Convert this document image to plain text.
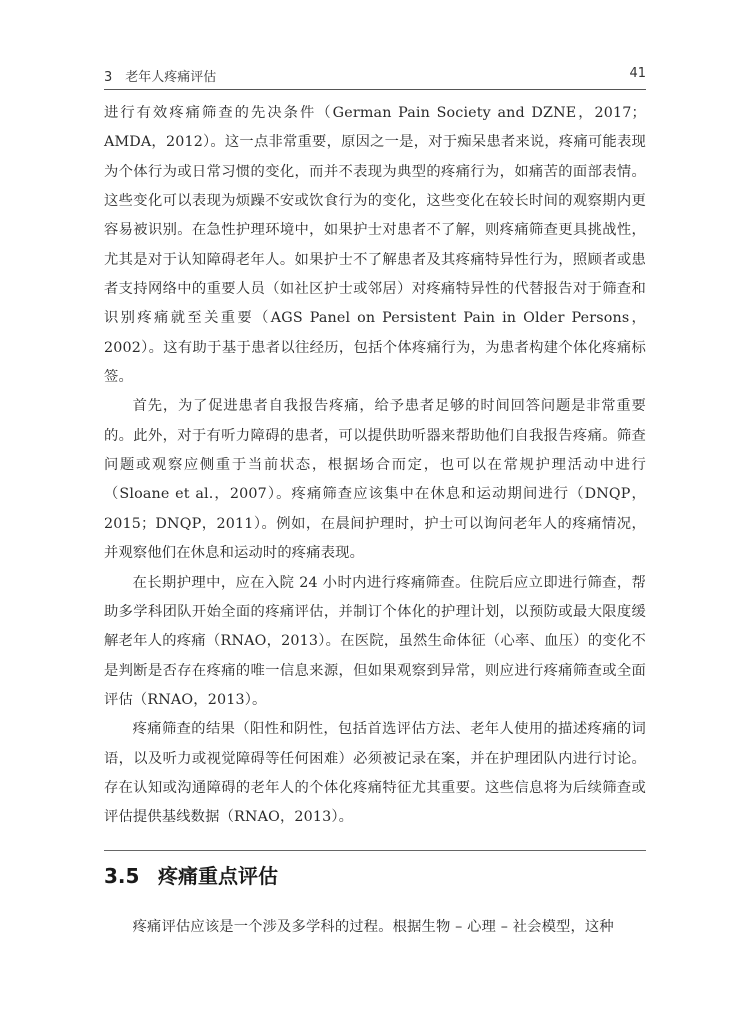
3　老年人疼痛评估	41

进行有效疼痛筛查的先决条件（German Pain Society and DZNE，2017；AMDA，2012）。这一点非常重要，原因之一是，对于痴呆患者来说，疼痛可能表现为个体行为或日常习惯的变化，而并不表现为典型的疼痛行为，如痛苦的面部表情。这些变化可以表现为烦躁不安或饮食行为的变化，这些变化在较长时间的观察期内更容易被识别。在急性护理环境中，如果护士对患者不了解，则疼痛筛查更具挑战性，尤其是对于认知障碍老年人。如果护士不了解患者及其疼痛特异性行为，照顾者或患者支持网络中的重要人员（如社区护士或邻居）对疼痛特异性的代替报告对于筛查和识别疼痛就至关重要（AGS Panel on Persistent Pain in Older Persons，2002）。这有助于基于患者以往经历，包括个体疼痛行为，为患者构建个体化疼痛标签。

首先，为了促进患者自我报告疼痛，给予患者足够的时间回答问题是非常重要的。此外，对于有听力障碍的患者，可以提供助听器来帮助他们自我报告疼痛。筛查问题或观察应侧重于当前状态，根据场合而定，也可以在常规护理活动中进行（Sloane et al.，2007）。疼痛筛查应该集中在休息和运动期间进行（DNQP，2015；DNQP，2011）。例如，在晨间护理时，护士可以询问老年人的疼痛情况，并观察他们在休息和运动时的疼痛表现。

在长期护理中，应在入院 24 小时内进行疼痛筛查。住院后应立即进行筛查，帮助多学科团队开始全面的疼痛评估，并制订个体化的护理计划，以预防或最大限度缓解老年人的疼痛（RNAO，2013）。在医院，虽然生命体征（心率、血压）的变化不是判断是否存在疼痛的唯一信息来源，但如果观察到异常，则应进行疼痛筛查或全面评估（RNAO，2013）。

疼痛筛查的结果（阳性和阴性，包括首选评估方法、老年人使用的描述疼痛的词语，以及听力或视觉障碍等任何困难）必须被记录在案，并在护理团队内进行讨论。存在认知或沟通障碍的老年人的个体化疼痛特征尤其重要。这些信息将为后续筛查或评估提供基线数据（RNAO，2013）。

3.5 疼痛重点评估

疼痛评估应该是一个涉及多学科的过程。根据生物 – 心理 – 社会模型，这种
